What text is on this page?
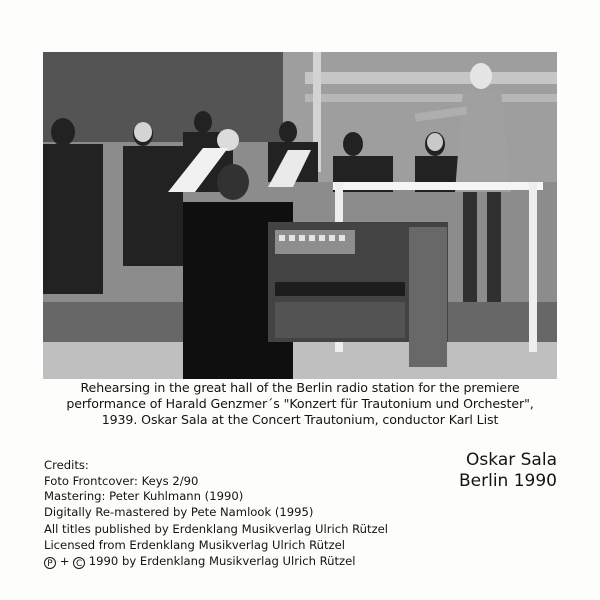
Rehearsing in the great hall of the Berlin radio station for the premiere
performance of Harald Genzmer´s "Konzert für Trautonium und Orchester",
1939. Oskar Sala at the Concert Trautonium, conductor Karl List
Credits:
Foto Frontcover: Keys 2/90
Mastering: Peter Kuhlmann (1990)
Digitally Re-mastered by Pete Namlook (1995)
Oskar Sala
Berlin 1990
All titles published by Erdenklang Musikverlag Ulrich Rützel
Licensed from Erdenklang Musikverlag Ulrich Rützel
P + C 1990 by Erdenklang Musikverlag Ulrich Rützel
